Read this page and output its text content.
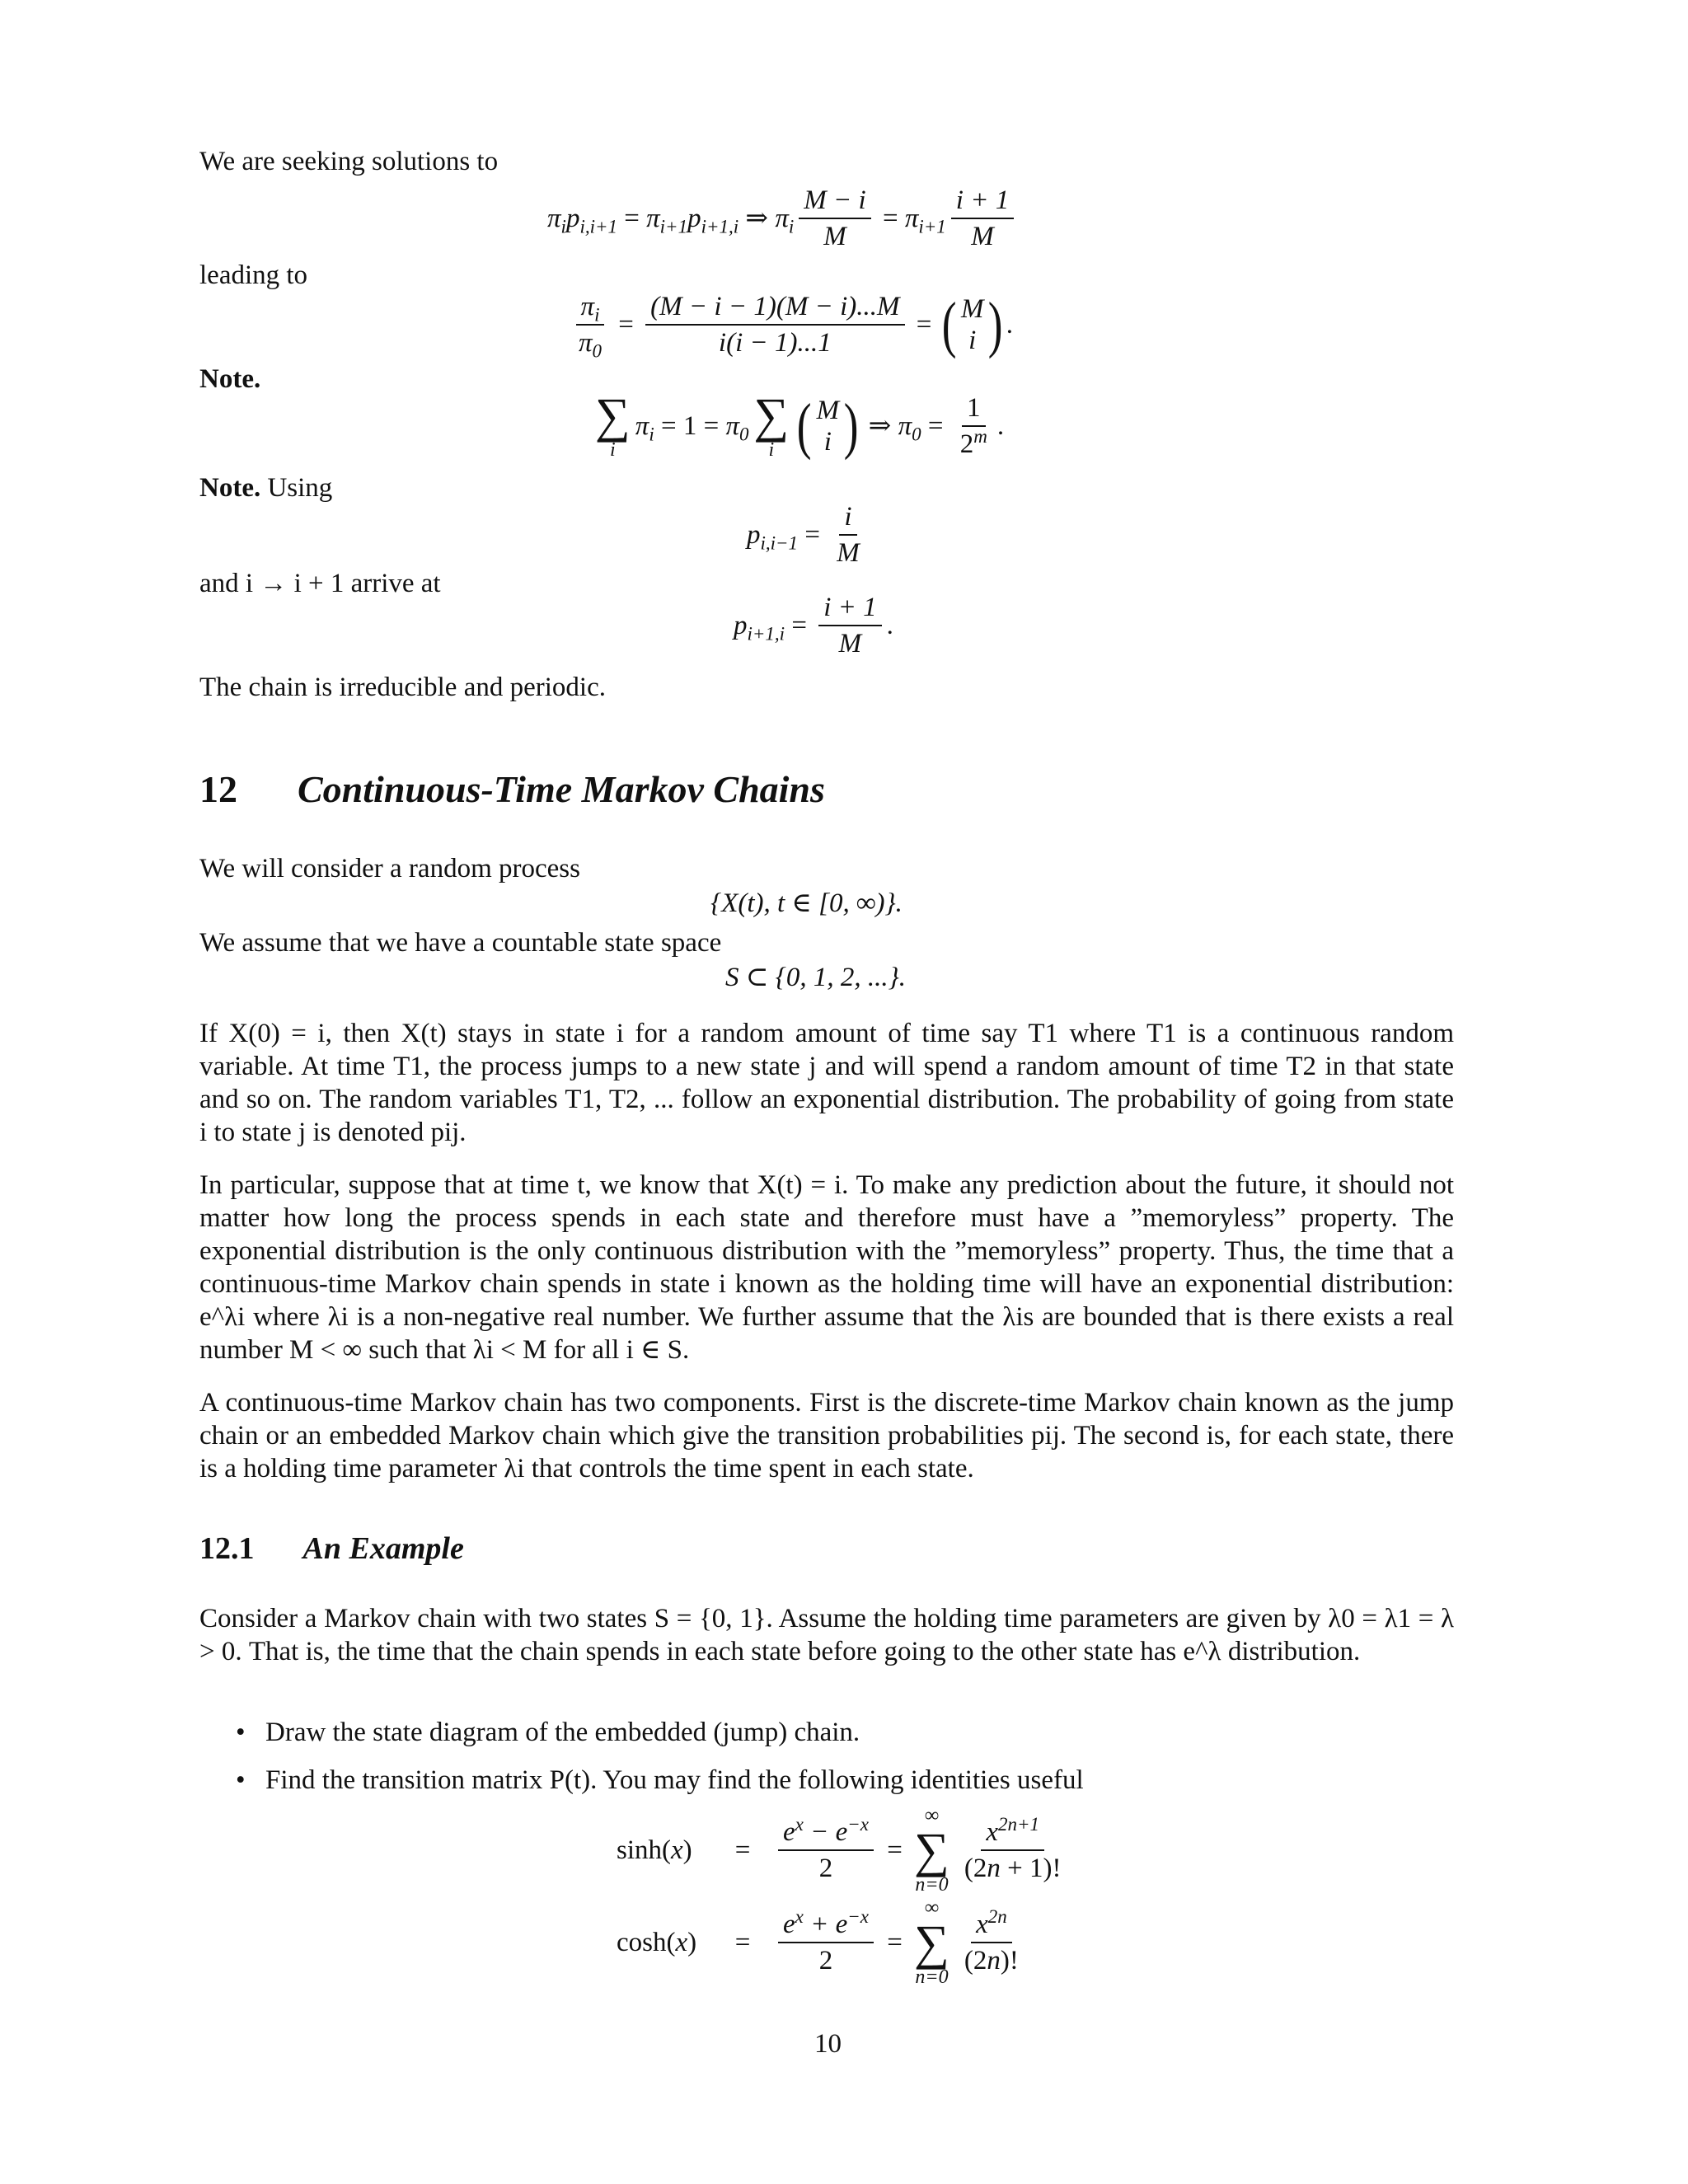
We are seeking solutions to
$\pi_ip_{i,i+1} = \pi_{i+1}p_{i+1,i}$ ⇒ $\pi_i \frac{M - i}{M} = \pi_{i+1} \frac{i + 1}{M}$
leading to
$\frac{\pi_i}{\pi_0} = \frac{(M - i - 1)(M - i)...M}{i(i - 1)...1}$ = ( M
i ) .
Note.
∑
i
$\pi_i = 1 = \pi_0$ ∑
i ( M
i ) ⇒ $\pi_0 = \frac{1}{2^m}$ .
Note. Using
$p_{i,i-1} = \frac{i}{M}$
and i → i + 1 arrive at
$p_{i+1,i} = \frac{i + 1}{M}$ .
The chain is irreducible and periodic.
12 Continuous-Time Markov Chains
We will consider a random process
{X(t), t ∈ [0, ∞)}.
We assume that we have a countable state space
S ⊂ {0, 1, 2, ...}.
If X(0) = i, then X(t) stays in state i for a random amount of time say T1 where T1 is a continuous random variable. At time T1, the process jumps to a new state j and will spend a random amount of time T2 in that state and so on. The random variables T1, T2, ... follow an exponential distribution. The probability of going from state i to state j is denoted pij.
In particular, suppose that at time t, we know that X(t) = i. To make any prediction about the future, it should not matter how long the process spends in each state and therefore must have a ”memoryless” property. The exponential distribution is the only continuous distribution with the ”memoryless” property. Thus, the time that a continuous-time Markov chain spends in state i known as the holding time will have an exponential distribution: e^λi where λi is a non-negative real number. We further assume that the λis are bounded that is there exists a real number M < ∞ such that λi < M for all i ∈ S.
A continuous-time Markov chain has two components. First is the discrete-time Markov chain known as the jump chain or an embedded Markov chain which give the transition probabilities pij. The second is, for each state, there is a holding time parameter λi that controls the time spent in each state.
12.1 An Example
Consider a Markov chain with two states S = {0, 1}. Assume the holding time parameters are given by λ0 = λ1 = λ > 0. That is, the time that the chain spends in each state before going to the other state has e^λ distribution.
• Draw the state diagram of the embedded (jump) chain.
• Find the transition matrix P(t). You may find the following identities useful
sinh(x)	= $\frac{e^x - e^{-x}}{2}$ =
∞
∑
n=0
$\frac{x^{2n+1}}{(2n + 1)!}$
cosh(x)	= $\frac{e^x + e^{-x}}{2}$ =
∞
∑
n=0
$\frac{x^{2n}}{(2n)!}$
10
